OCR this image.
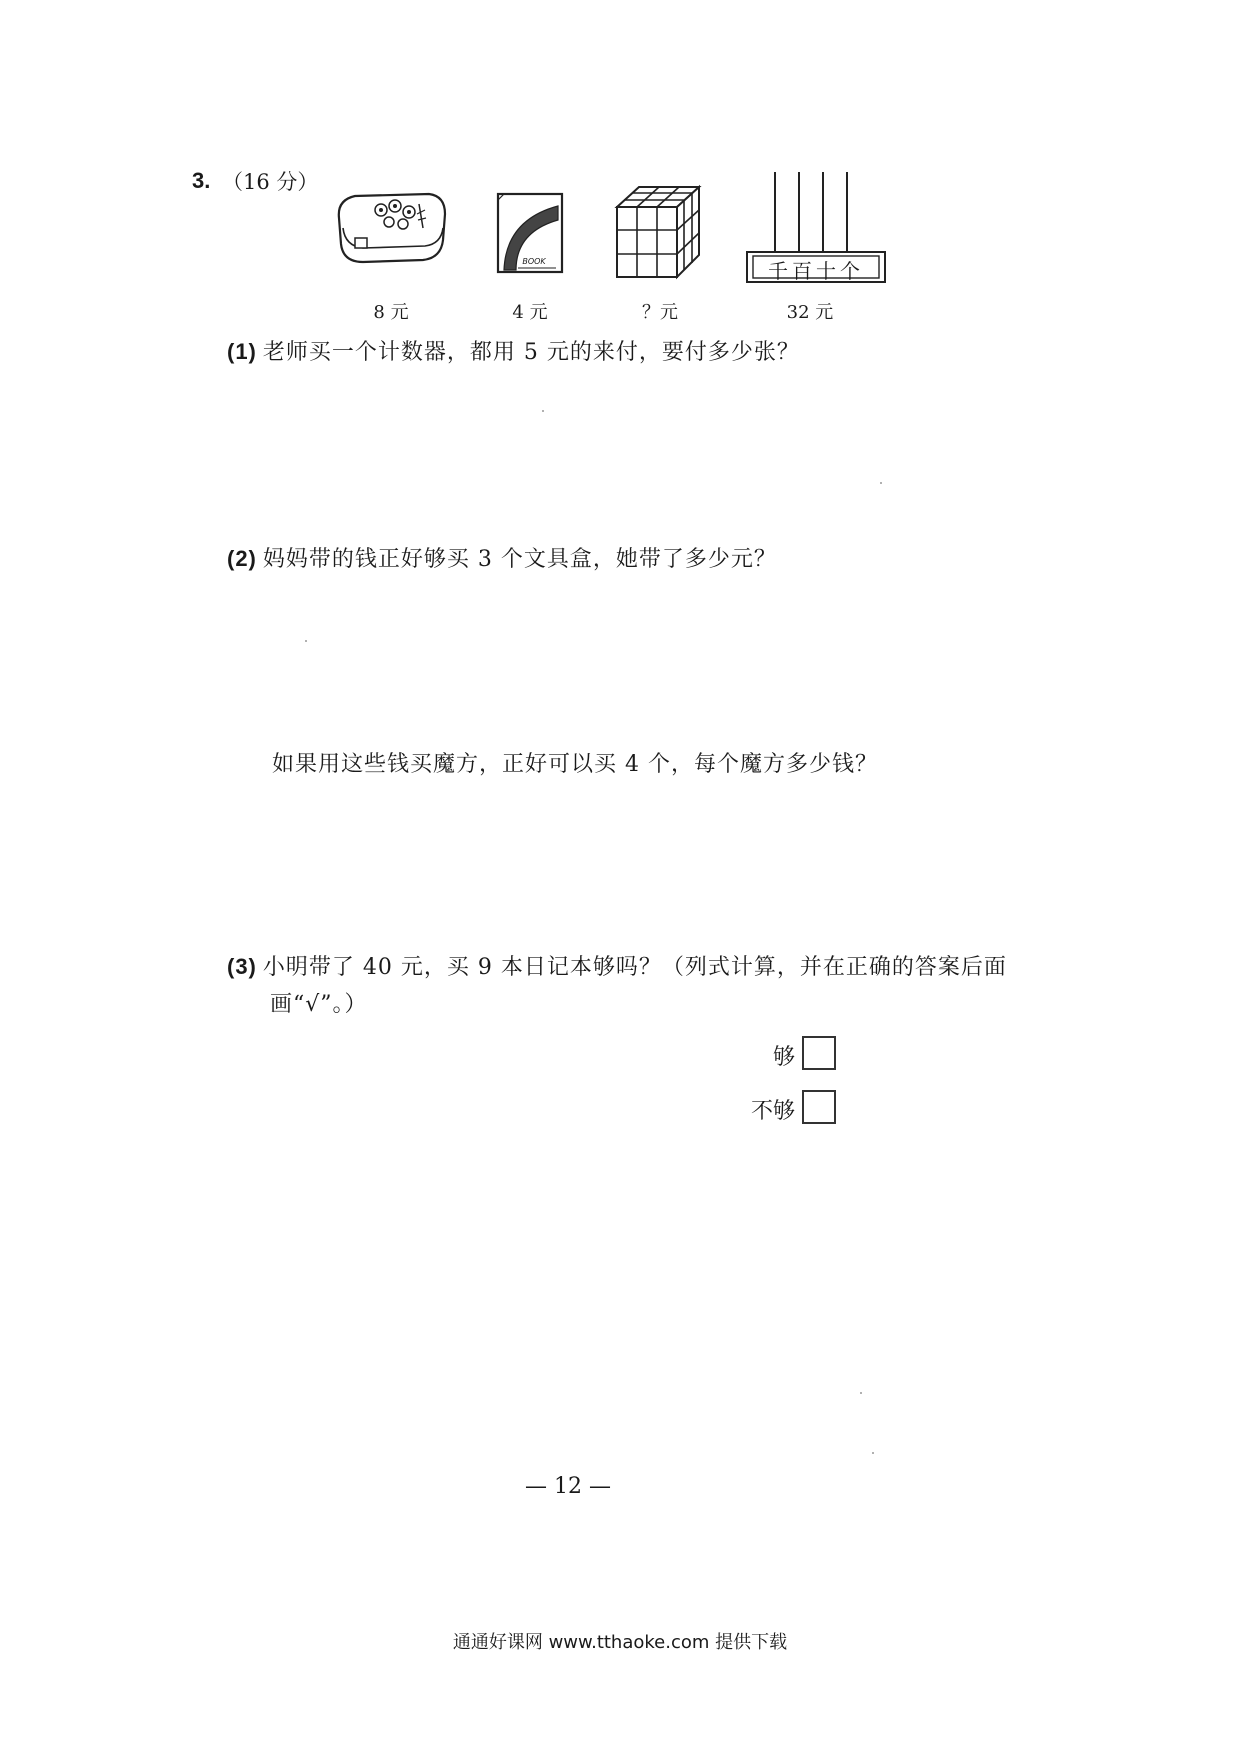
3. （16 分）
BOOK	千百十个
8 元	4 元	？元	32 元
(1) 老师买一个计数器，都用 5 元的来付，要付多少张？
(2) 妈妈带的钱正好够买 3 个文具盒，她带了多少元？
如果用这些钱买魔方，正好可以买 4 个，每个魔方多少钱？
(3) 小明带了 40 元，买 9 本日记本够吗？（列式计算，并在正确的答案后面
画“√”。）
够
不够
— 12 —
通通好课网 www.tthaoke.com 提供下载
